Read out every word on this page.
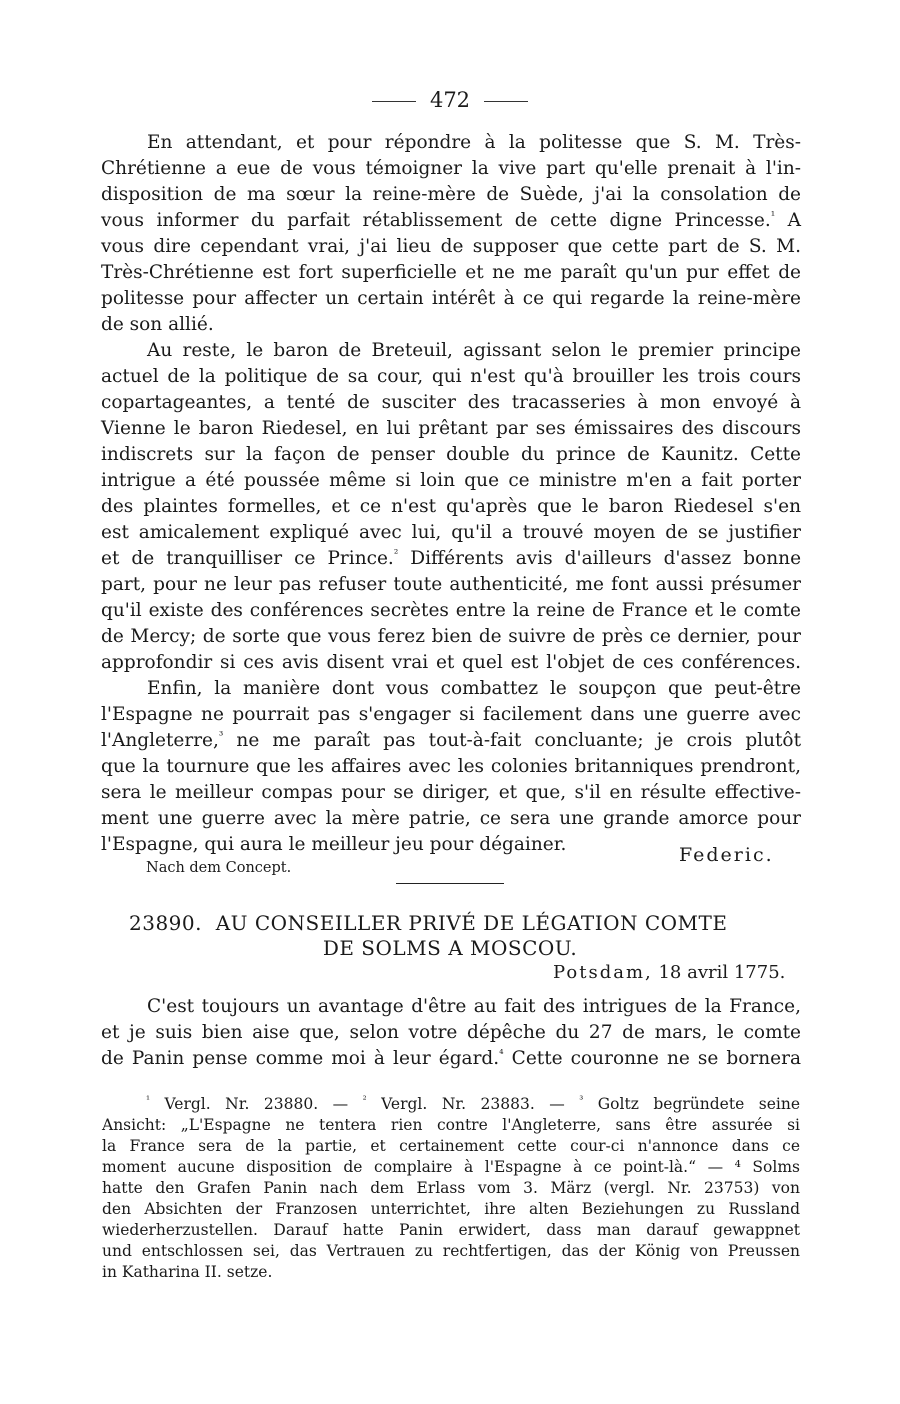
472
En attendant, et pour répondre à la politesse que S. M. Très-
Chrétienne a eue de vous témoigner la vive part qu'elle prenait à l'in-
disposition de ma sœur la reine-mère de Suède, j'ai la consolation de
vous informer du parfait rétablissement de cette digne Princesse.$^{^1}$ A
vous dire cependant vrai, j'ai lieu de supposer que cette part de S. M.
Très-Chrétienne est fort superficielle et ne me paraît qu'un pur effet de
politesse pour affecter un certain intérêt à ce qui regarde la reine-mère
de son allié.
Au reste, le baron de Breteuil, agissant selon le premier principe
actuel de la politique de sa cour, qui n'est qu'à brouiller les trois cours
copartageantes, a tenté de susciter des tracasseries à mon envoyé à
Vienne le baron Riedesel, en lui prêtant par ses émissaires des discours
indiscrets sur la façon de penser double du prince de Kaunitz. Cette
intrigue a été poussée même si loin que ce ministre m'en a fait porter
des plaintes formelles, et ce n'est qu'après que le baron Riedesel s'en
est amicalement expliqué avec lui, qu'il a trouvé moyen de se justifier
et de tranquilliser ce Prince.$^{^2}$ Différents avis d'ailleurs d'assez bonne
part, pour ne leur pas refuser toute authenticité, me font aussi présumer
qu'il existe des conférences secrètes entre la reine de France et le comte
de Mercy; de sorte que vous ferez bien de suivre de près ce dernier, pour
approfondir si ces avis disent vrai et quel est l'objet de ces conférences.
Enfin, la manière dont vous combattez le soupçon que peut-être
l'Espagne ne pourrait pas s'engager si facilement dans une guerre avec
l'Angleterre,$^{^3}$ ne me paraît pas tout-à-fait concluante; je crois plutôt
que la tournure que les affaires avec les colonies britanniques prendront,
sera le meilleur compas pour se diriger, et que, s'il en résulte effective-
ment une guerre avec la mère patrie, ce sera une grande amorce pour
l'Espagne, qui aura le meilleur jeu pour dégainer.	Federic.
Nach dem Concept.
23890. AU CONSEILLER PRIVÉ DE LÉGATION COMTE
DE SOLMS A MOSCOU.
Potsdam, 18 avril 1775.
C'est toujours un avantage d'être au fait des intrigues de la France,
et je suis bien aise que, selon votre dépêche du 27 de mars, le comte
de Panin pense comme moi à leur égard.$^{^4}$ Cette couronne ne se bornera
$^{^1}$ Vergl. Nr. 23880. — $^{^2}$ Vergl. Nr. 23883. — $^{^3}$ Goltz begründete seine
Ansicht: „L'Espagne ne tentera rien contre l'Angleterre, sans être assurée si
la France sera de la partie, et certainement cette cour-ci n'annonce dans ce
moment aucune disposition de complaire à l'Espagne à ce point-là.“ — ⁴ Solms
hatte den Grafen Panin nach dem Erlass vom 3. März (vergl. Nr. 23753) von
den Absichten der Franzosen unterrichtet, ihre alten Beziehungen zu Russland
wiederherzustellen. Darauf hatte Panin erwidert, dass man darauf gewappnet
und entschlossen sei, das Vertrauen zu rechtfertigen, das der König von Preussen
in Katharina II. setze.
